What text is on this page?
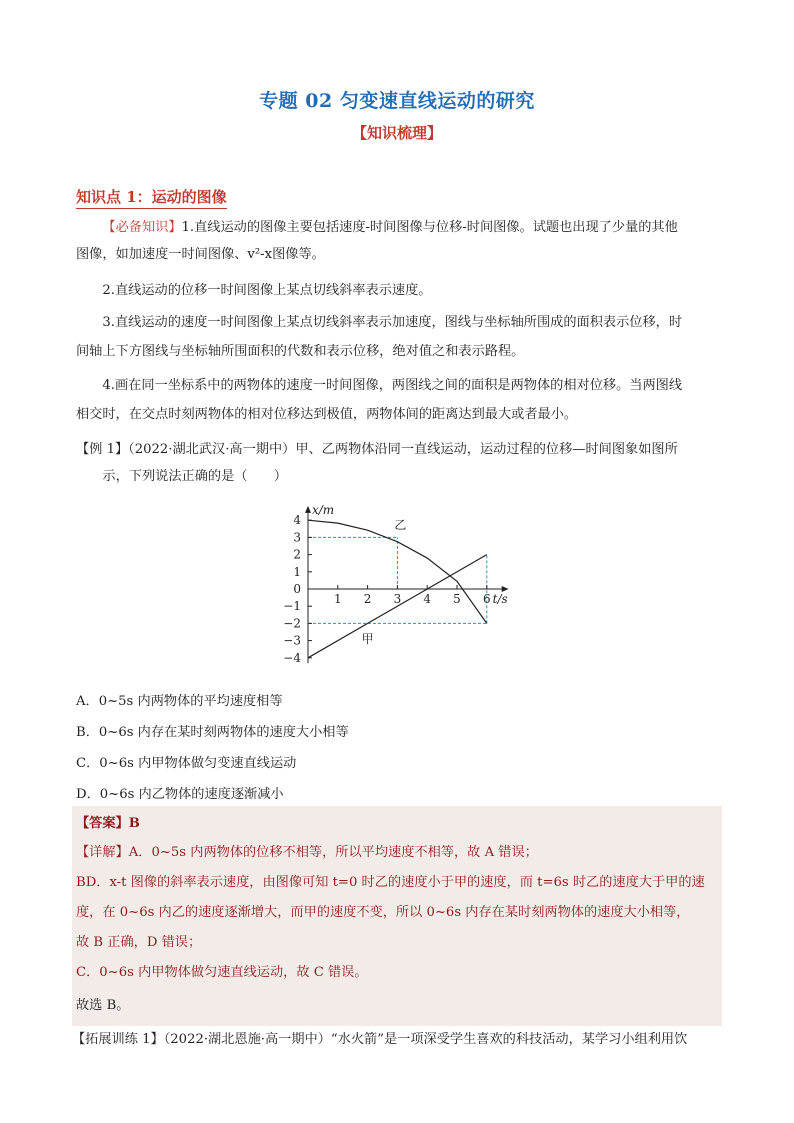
专题 02 匀变速直线运动的研究
【知识梳理】
知识点 1：运动的图像
【必备知识】1.直线运动的图像主要包括速度-时间图像与位移-时间图像。试题也出现了少量的其他
图像，如加速度一时间图像、v²-x图像等。
2.直线运动的位移一时间图像上某点切线斜率表示速度。
3.直线运动的速度一时间图像上某点切线斜率表示加速度，图线与坐标轴所围成的面积表示位移，时
间轴上下方图线与坐标轴所围面积的代数和表示位移，绝对值之和表示路程。
4.画在同一坐标系中的两物体的速度一时间图像，两图线之间的面积是两物体的相对位移。当两图线
相交时，在交点时刻两物体的相对位移达到极值，两物体间的距离达到最大或者最小。
【例 1】（2022·湖北武汉·高一期中）甲、乙两物体沿同一直线运动，运动过程的位移—时间图象如图所
示，下列说法正确的是（　　）
1 2 3 4 5 6
4
3
2
1
0
−1
−2
−3
−4
x/m
t/s
甲
乙
A．0~5s 内两物体的平均速度相等
B．0~6s 内存在某时刻两物体的速度大小相等
C．0~6s 内甲物体做匀变速直线运动
D．0~6s 内乙物体的速度逐渐减小
【答案】B
【详解】A．0~5s 内两物体的位移不相等，所以平均速度不相等，故 A 错误；
BD．x-t 图像的斜率表示速度，由图像可知 t=0 时乙的速度小于甲的速度，而 t=6s 时乙的速度大于甲的速
度，在 0~6s 内乙的速度逐渐增大，而甲的速度不变，所以 0~6s 内存在某时刻两物体的速度大小相等，
故 B 正确，D 错误；
C．0~6s 内甲物体做匀速直线运动，故 C 错误。
故选 B。
【拓展训练 1】（2022·湖北恩施·高一期中）“水火箭”是一项深受学生喜欢的科技活动，某学习小组利用饮
